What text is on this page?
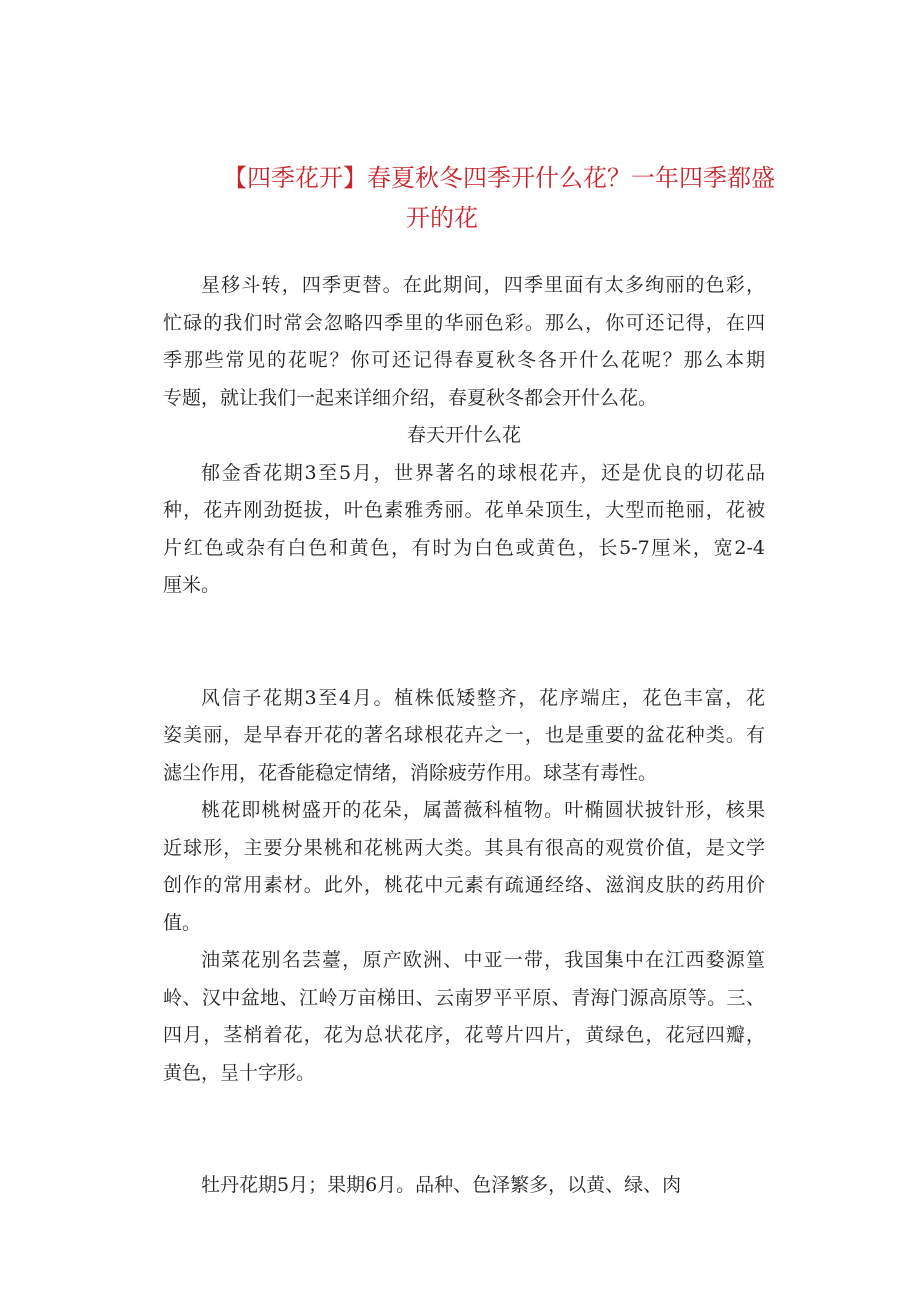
【四季花开】春夏秋冬四季开什么花？一年四季都盛
开的花
星移斗转，四季更替。在此期间，四季里面有太多绚丽的色彩，
忙碌的我们时常会忽略四季里的华丽色彩。那么，你可还记得，在四
季那些常见的花呢？你可还记得春夏秋冬各开什么花呢？那么本期
专题，就让我们一起来详细介绍，春夏秋冬都会开什么花。
春天开什么花
郁金香花期3至5月，世界著名的球根花卉，还是优良的切花品
种，花卉刚劲挺拔，叶色素雅秀丽。花单朵顶生，大型而艳丽，花被
片红色或杂有白色和黄色，有时为白色或黄色，长5-7厘米，宽2-4
厘米。
风信子花期3至4月。植株低矮整齐，花序端庄，花色丰富，花
姿美丽，是早春开花的著名球根花卉之一，也是重要的盆花种类。有
滤尘作用，花香能稳定情绪，消除疲劳作用。球茎有毒性。
桃花即桃树盛开的花朵，属蔷薇科植物。叶椭圆状披针形，核果
近球形，主要分果桃和花桃两大类。其具有很高的观赏价值，是文学
创作的常用素材。此外，桃花中元素有疏通经络、滋润皮肤的药用价
值。
油菜花别名芸薹，原产欧洲、中亚一带，我国集中在江西婺源篁
岭、汉中盆地、江岭万亩梯田、云南罗平平原、青海门源高原等。三、
四月，茎梢着花，花为总状花序，花萼片四片，黄绿色，花冠四瓣，
黄色，呈十字形。
牡丹花期5月；果期6月。品种、色泽繁多，以黄、绿、肉
